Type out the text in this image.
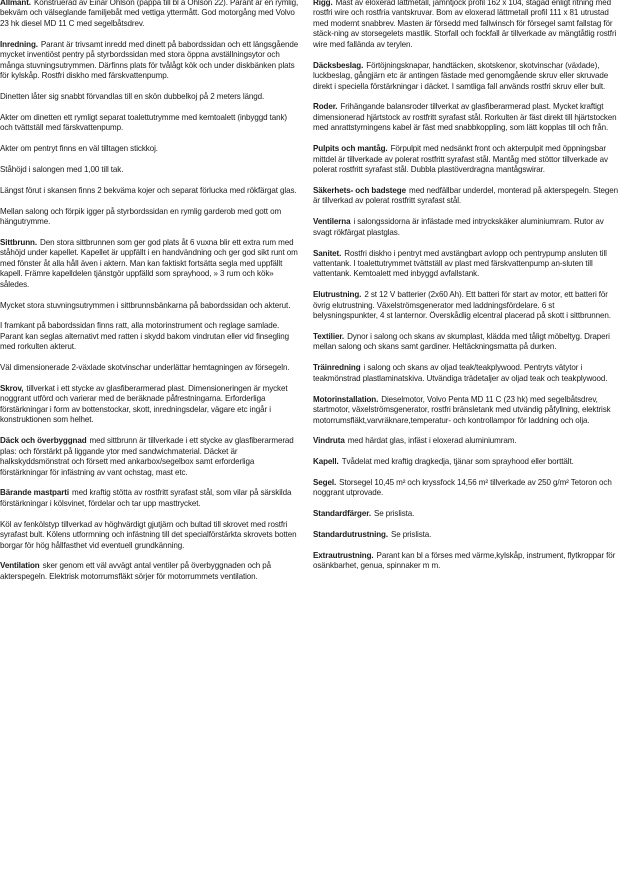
Allmänt. Konstruerad av Einar Ohlson (pappa till bl a Ohlson 22). Parant är en rymlig, bekväm och välseglande familjebåt med vettiga yttermått. God motorgång med Volvo 23 hk diesel MD 11 C med segelbåtsdrev.

Inredning. Parant är trivsamt inredd med dinett på babordssidan och ett längsgående mycket inventiöst pentry på styrbordssidan med stora öppna avställningsytor och många stuvningsutrymmen. Därfinns plats för tvålågt kök och under diskbänken plats för kylskåp. Rostfri diskho med färskvattenpump.

Dinetten låter sig snabbt förvandlas till en skön dubbelkoj på 2 meters längd.

Akter om dinetten ett rymligt separat toalettutrymme med kemtoalett (inbyggd tank) och tvättställ med färskvattenpump.

Akter om pentryt finns en väl tilltagen stickkoj.

Ståhöjd i salongen med 1,00 till tak.

Längst förut i skansen finns 2 bekväma kojer och separat förlucka med rökfärgat glas.

Mellan salong och förpik igger på styrbordssidan en rymlig garderob med gott om hängutrymme.

Sittbrunn. Den stora sittbrunnen som ger god plats åt 6 vuxna blir ett extra rum med ståhöjd under kapellet. Kapellet är uppfällt i en handvändning och ger god sikt runt om med fönster åt alla håll även i aktern. Man kan faktiskt fortsätta segla med uppfällt kapell. Främre kapelldelen tjänstgör uppfälld som sprayhood, » 3 rum och kök» således.

Mycket stora stuvningsutrymmen i sittbrunnsbänkarna på babordssidan och akterut.

I framkant på babordssidan finns ratt, alla motorinstrument och reglage samlade. Parant kan seglas alternativt med ratten i skydd bakom vindrutan eller vid finsegling med rorkulten akterut.

Väl dimensionerade 2-växlade skotvinschar underlättar hemtagningen av försegeln.

Skrov, tillverkat i ett stycke av glasfiberarmerad plast. Dimensioneringen är mycket noggrant utförd och varierar med de beräknade påfrestningarna. Erforderliga förstärkningar i form av bottenstockar, skott, inredningsdelar, vägare etc ingår i konstruktionen som helhet.

Däck och överbyggnad med sittbrunn är tillverkade i ett stycke av glasfiberarmerad plas: och förstärkt på liggande ytor med sandwichmaterial. Däcket är halkskyddsmönstrat och försett med ankarbox/segelbox samt erforderliga förstärkningar för infästning av vant ochstag, mast etc.

Bärande mastparti med kraftig stötta av rostfritt syrafast stål, som vilar på särskilda förstärkningar i kölsvinet, fördelar och tar upp masttrycket.

Köl av fenkölstyp tillverkad av höghvärdigt gjutjärn och bultad till skrovet med rostfri syrafast bult. Kölens utformning och infästning till det specialförstärkta skrovets botten borgar för hög hållfasthet vid eventuell grundkänning.

Ventilation sker genom ett väl avvägt antal ventiler på överbyggnaden och på akterspegeln. Elektrisk motorrumsfläkt sörjer för motorrummets ventilation.

Rigg. Mast av eloxerad lättmetall, jämntjock profil 162 x 104, stagad enligt ritning med rostfri wire och rostfria vantskruvar. Bom av eloxerad lättmetall profil 111 x 81 utrustad med modernt snabbrev. Masten är försedd med fallwinsch för försegel samt fallstag för stäck-ning av storsegelets mastlik. Storfall och fockfall är tillverkade av mängtåtlig rostfri wire med fallända av terylen.

Däcksbeslag. Förtöjningsknapar, handtäcken, skotskenor, skotvinschar (växlade), luckbeslag, gångjärn etc är antingen fästade med genomgående skruv eller skruvade direkt i speciella förstärkningar i däcket. I samtliga fall används rostfri skruv eller bult.

Roder. Frihängande balansroder tillverkat av glasfiberarmerad plast. Mycket kraftigt dimensionerad hjärtstock av rostfritt syrafast stål. Rorkulten är fäst direkt till hjärtstocken med anrattstyrningens kabel är fäst med snabbkoppling, som lätt kopplas till och från.

Pulpits och mantåg. Förpulpit med nedsänkt front och akterpulpit med öppningsbar mittdel är tillverkade av polerat rostfritt syrafast stål. Mantåg med stöttor tillverkade av polerat rostfritt syrafast stål. Dubbla plastöverdragna mantågswirar.

Säkerhets- och badstege med nedfällbar underdel, monterad på akterspegeln. Stegen är tillverkad av polerat rostfritt syrafast stål.

Ventilerna i salongssidorna är infästade med intryckskäker aluminiumram. Rutor av svagt rökfärgat plastglas.

Sanitet. Rostfri diskho i pentryt med avstängbart avlopp och pentrypump ansluten till vattentank. I toalettutrymmet tvättställ av plast med färskvattenpump an-sluten till vattentank. Kemtoalett med inbyggd avfallstank.

Elutrustning. 2 st 12 V batterier (2x60 Ah). Ett batteri för start av motor, ett batteri för övrig elutrustning. Växelströmsgenerator med laddningsfördelare. 6 st belysningspunkter, 4 st lanternor. Överskådlig elcentral placerad på skott i sittbrunnen.

Textilier. Dynor i salong och skans av skumplast, klädda med tåligt möbeltyg. Draperi mellan salong och skans samt gardiner. Heltäckningsmatta på durken.

Träinredning i salong och skans av oljad teak/teakplywood. Pentryts vätytor i teakmönstrad plastlaminatskiva. Utvändiga trädetaljer av oljad teak och teakplywood.

Motorinstallation. Dieselmotor, Volvo Penta MD 11 C (23 hk) med segelbåtsdrev, startmotor, växelströmsgenerator, rostfri bränsletank med utvändig påfyllning, elektrisk motorrumsfläkt,varvräknare,temperatur- och kontrollampor för laddning och olja.

Vindruta med härdat glas, infäst i eloxerad aluminiumram.

Kapell. Tvådelat med kraftig dragkedja, tjänar som sprayhood eller borttält.

Segel. Storsegel 10,45 m² och kryssfock 14,56 m² tillverkade av 250 g/m² Tetoron och noggrant utprovade.

Standardfärger. Se prislista.

Standardutrustning. Se prislista.

Extrautrustning. Parant kan bl a förses med värme,kylskåp, instrument, flytkroppar för osänkbarhet, genua, spinnaker m m.
